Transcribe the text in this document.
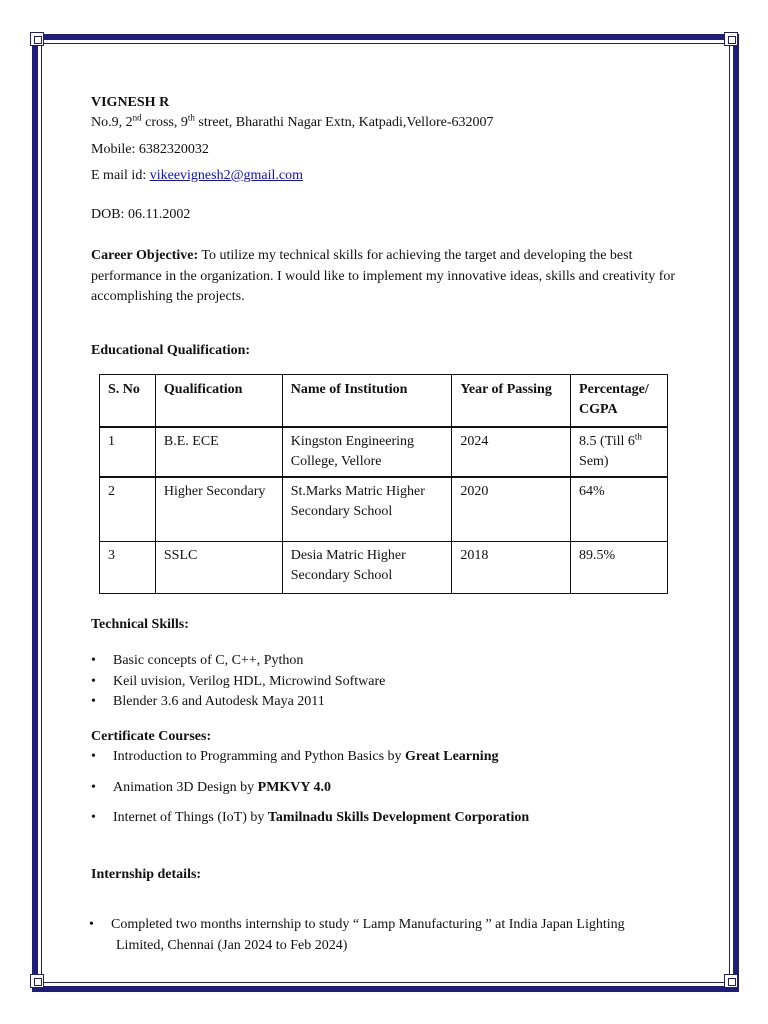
VIGNESH R
No.9, 2nd cross, 9th street, Bharathi Nagar Extn, Katpadi,Vellore-632007
Mobile: 6382320032
E mail id: vikeevignesh2@gmail.com
DOB: 06.11.2002
Career Objective: To utilize my technical skills for achieving the target and developing the best performance in the organization. I would like to implement my innovative ideas, skills and creativity for accomplishing the projects.
Educational Qualification:
S. No	Qualification	Name of Institution	Year of Passing	Percentage/ CGPA
1	B.E. ECE	Kingston Engineering College, Vellore	2024	8.5 (Till 6th Sem)
2	Higher Secondary	St.Marks Matric Higher Secondary School	2020	64%
3	SSLC	Desia Matric Higher Secondary School	2018	89.5%
Technical Skills:
• Basic concepts of C, C++, Python
• Keil uvision, Verilog HDL, Microwind Software
• Blender 3.6 and Autodesk Maya 2011
Certificate Courses:
• Introduction to Programming and Python Basics by Great Learning
• Animation 3D Design by PMKVY 4.0
• Internet of Things (IoT) by Tamilnadu Skills Development Corporation
Internship details:
• Completed two months internship to study “ Lamp Manufacturing ” at India Japan Lighting
Limited, Chennai (Jan 2024 to Feb 2024)
